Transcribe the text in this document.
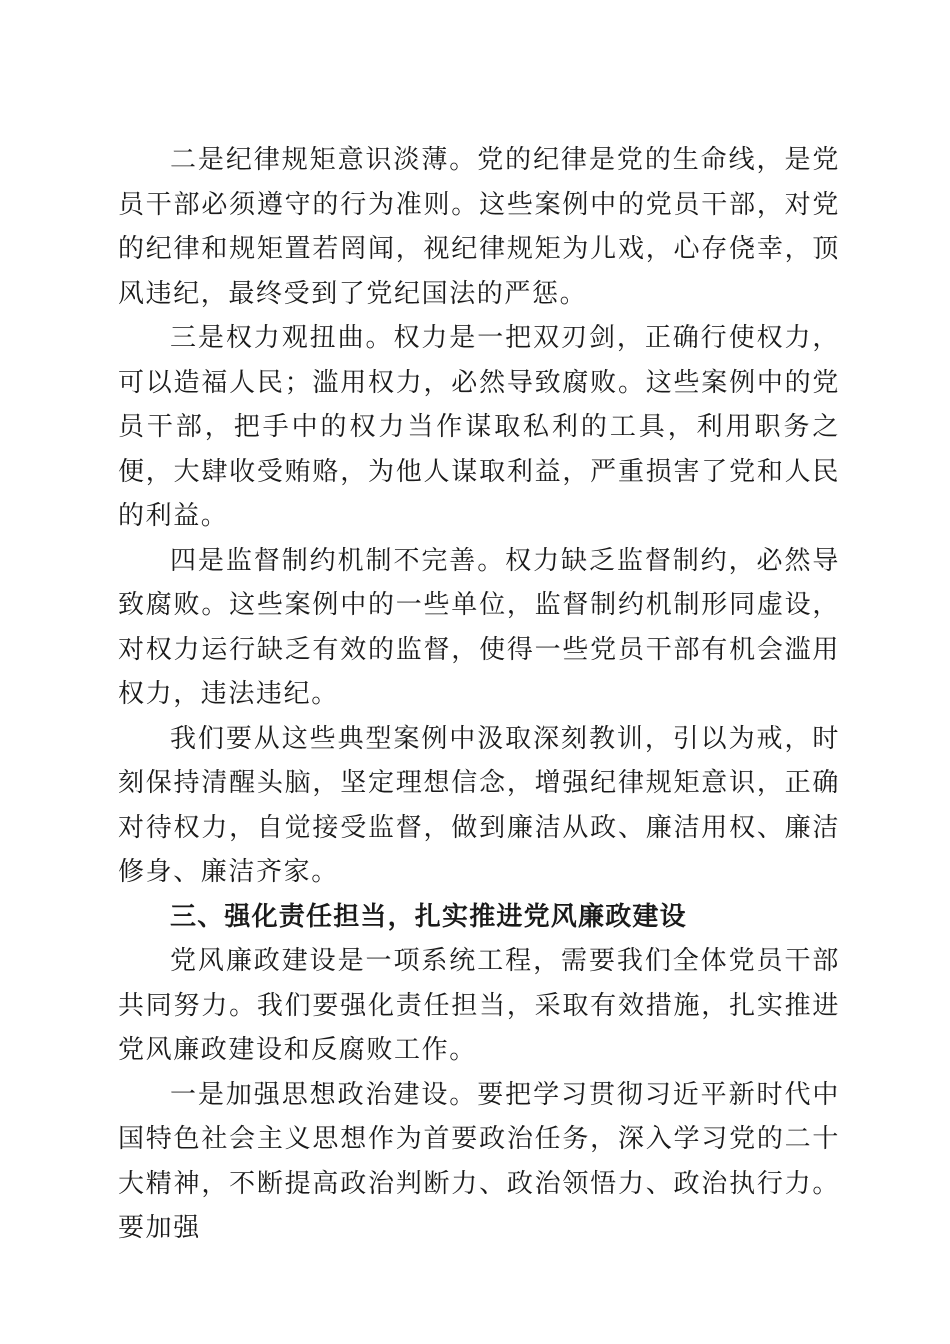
二是纪律规矩意识淡薄。党的纪律是党的生命线，是党员干部必须遵守的行为准则。这些案例中的党员干部，对党的纪律和规矩置若罔闻，视纪律规矩为儿戏，心存侥幸，顶风违纪，最终受到了党纪国法的严惩。

三是权力观扭曲。权力是一把双刃剑，正确行使权力，可以造福人民；滥用权力，必然导致腐败。这些案例中的党员干部，把手中的权力当作谋取私利的工具，利用职务之便，大肆收受贿赂，为他人谋取利益，严重损害了党和人民的利益。

四是监督制约机制不完善。权力缺乏监督制约，必然导致腐败。这些案例中的一些单位，监督制约机制形同虚设，对权力运行缺乏有效的监督，使得一些党员干部有机会滥用权力，违法违纪。

我们要从这些典型案例中汲取深刻教训，引以为戒，时刻保持清醒头脑，坚定理想信念，增强纪律规矩意识，正确对待权力，自觉接受监督，做到廉洁从政、廉洁用权、廉洁修身、廉洁齐家。

三、强化责任担当，扎实推进党风廉政建设

党风廉政建设是一项系统工程，需要我们全体党员干部共同努力。我们要强化责任担当，采取有效措施，扎实推进党风廉政建设和反腐败工作。

一是加强思想政治建设。要把学习贯彻习近平新时代中国特色社会主义思想作为首要政治任务，深入学习党的二十大精神，不断提高政治判断力、政治领悟力、政治执行力。要加强
